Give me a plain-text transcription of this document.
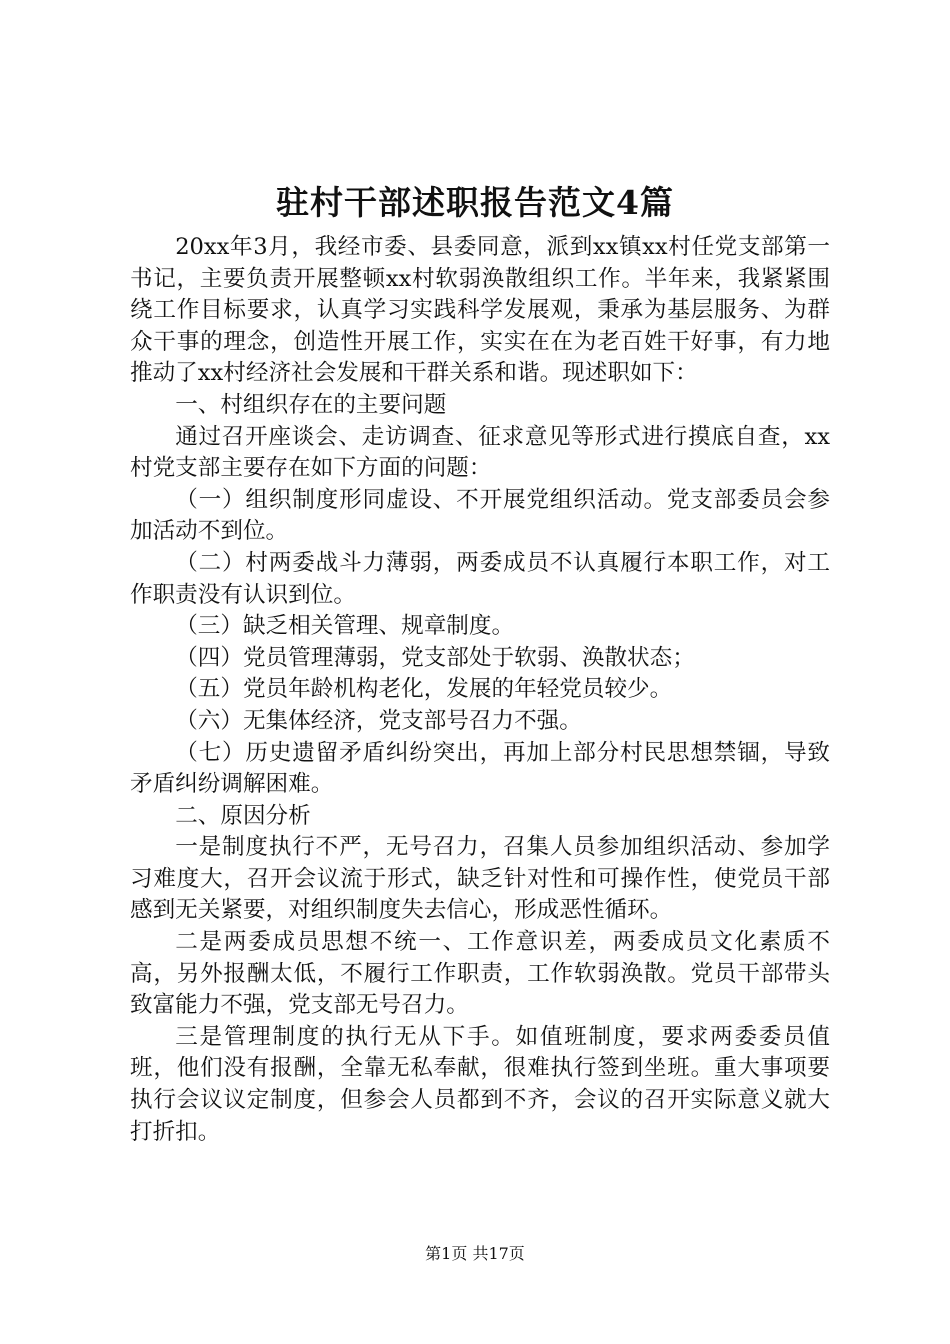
驻村干部述职报告范文4篇

20xx年3月，我经市委、县委同意，派到xx镇xx村任党支部第一书记，主要负责开展整顿xx村软弱涣散组织工作。半年来，我紧紧围绕工作目标要求，认真学习实践科学发展观，秉承为基层服务、为群众干事的理念，创造性开展工作，实实在在为老百姓干好事，有力地推动了xx村经济社会发展和干群关系和谐。现述职如下：

一、村组织存在的主要问题

通过召开座谈会、走访调查、征求意见等形式进行摸底自查，xx村党支部主要存在如下方面的问题：

（一）组织制度形同虚设、不开展党组织活动。党支部委员会参加活动不到位。

（二）村两委战斗力薄弱，两委成员不认真履行本职工作，对工作职责没有认识到位。

（三）缺乏相关管理、规章制度。

（四）党员管理薄弱，党支部处于软弱、涣散状态；

（五）党员年龄机构老化，发展的年轻党员较少。

（六）无集体经济，党支部号召力不强。

（七）历史遗留矛盾纠纷突出，再加上部分村民思想禁锢，导致矛盾纠纷调解困难。

二、原因分析

一是制度执行不严，无号召力，召集人员参加组织活动、参加学习难度大，召开会议流于形式，缺乏针对性和可操作性，使党员干部感到无关紧要，对组织制度失去信心，形成恶性循环。

二是两委成员思想不统一、工作意识差，两委成员文化素质不高，另外报酬太低，不履行工作职责，工作软弱涣散。党员干部带头致富能力不强，党支部无号召力。

三是管理制度的执行无从下手。如值班制度，要求两委委员值班，他们没有报酬，全靠无私奉献，很难执行签到坐班。重大事项要执行会议议定制度，但参会人员都到不齐，会议的召开实际意义就大打折扣。

第1页 共17页
